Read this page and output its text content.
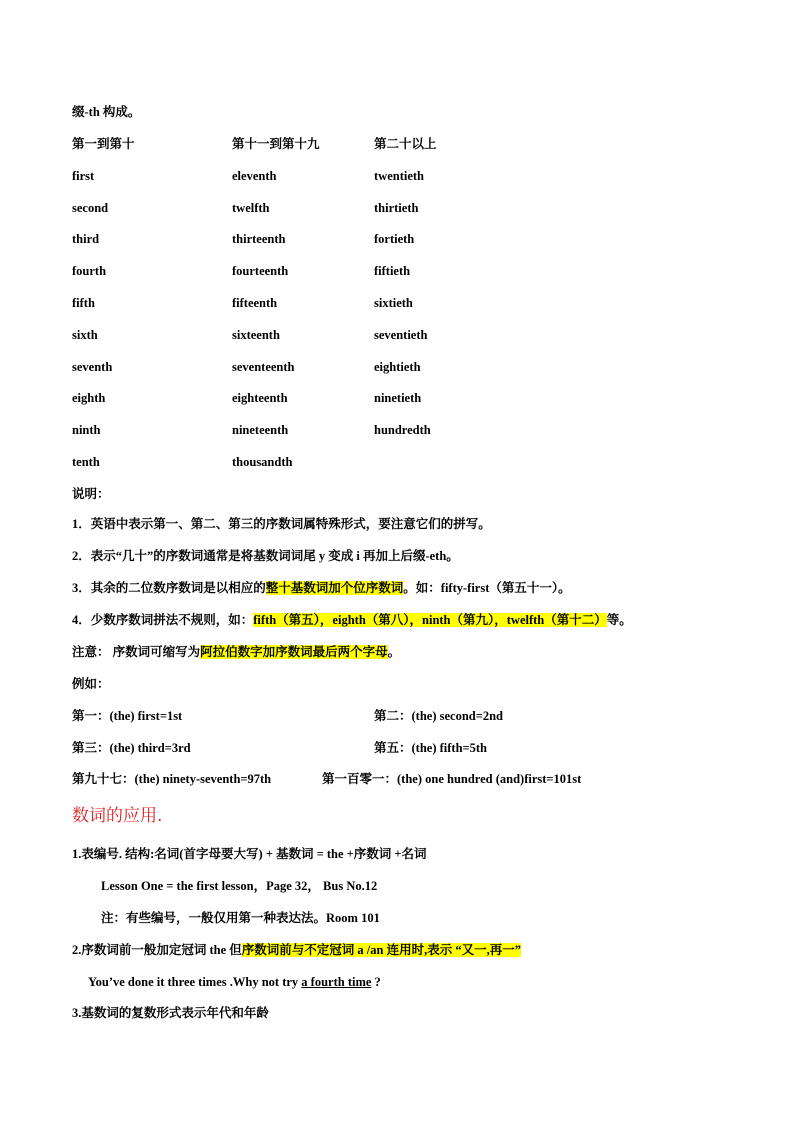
缀-th 构成。
第一到第十	第十一到第十九	第二十以上
first	eleventh	twentieth
second	twelfth	thirtieth
third	thirteenth	fortieth
fourth	fourteenth	fiftieth
fifth	fifteenth	sixtieth
sixth	sixteenth	seventieth
seventh	seventeenth	eightieth
eighth	eighteenth	ninetieth
ninth	nineteenth	hundredth
tenth	thousandth
说明：
1．英语中表示第一、第二、第三的序数词属特殊形式，要注意它们的拼写。
2．表示“几十”的序数词通常是将基数词词尾 y 变成 i 再加上后缀-eth。
3．其余的二位数序数词是以相应的整十基数词加个位序数词。如：fifty-first（第五十一）。
4．少数序数词拼法不规则，如：fifth（第五），eighth（第八），ninth（第九），twelfth（第十二）等。
注意： 序数词可缩写为阿拉伯数字加序数词最后两个字母。
例如：
第一：(the) first=1st	第二：(the) second=2nd
第三：(the) third=3rd	第五：(the) fifth=5th
第九十七：(the) ninety-seventh=97th	第一百零一：(the) one hundred (and)first=101st
数词的应用.
1.表编号. 结构:名词(首字母要大写) + 基数词 = the +序数词 +名词
Lesson One = the first lesson，Page 32， Bus No.12
注：有些编号，一般仅用第一种表达法。Room 101
2.序数词前一般加定冠词 the 但序数词前与不定冠词 a /an 连用时,表示 “又一,再一”
You’ve done it three times .Why not try a fourth time ?
3.基数词的复数形式表示年代和年龄
